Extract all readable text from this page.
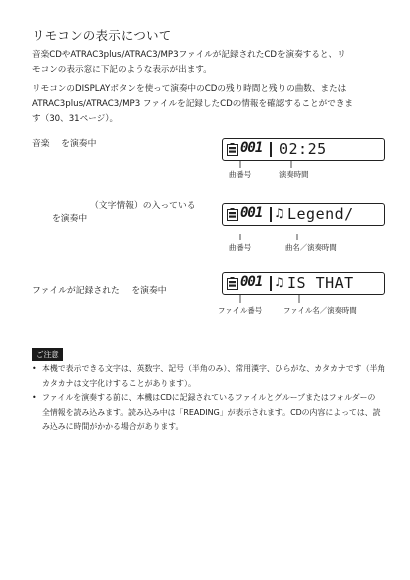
リモコンの表示について
音楽CDやATRAC3plus/ATRAC3/MP3ファイルが記録されたCDを演奏すると、リ
モコンの表示窓に下記のような表示が出ます。
リモコンのDISPLAYボタンを使って演奏中のCDの残り時間と残りの曲数、または
ATRAC3plus/ATRAC3/MP3 ファイルを記録したCDの情報を確認することができま
す（30、31ページ）。
音楽 　を演奏中	001 02:25
曲番号	演奏時間
（文字情報）の入っている
を演奏中	001 ♫ Legend/
曲番号	曲名／演奏時間
ファイルが記録された 　を演奏中
001 ♫ IS THAT
ファイル番号	ファイル名／演奏時間
ご注意
• 本機で表示できる文字は、英数字、記号（半角のみ）、常用漢字、ひらがな、カタカナです（半角
カタカナは文字化けすることがあります）。
• ファイルを演奏する前に、本機はCDに記録されているファイルとグループまたはフォルダーの
全情報を読み込みます。読み込み中は「READING」が表示されます。CDの内容によっては、読
み込みに時間がかかる場合があります。
